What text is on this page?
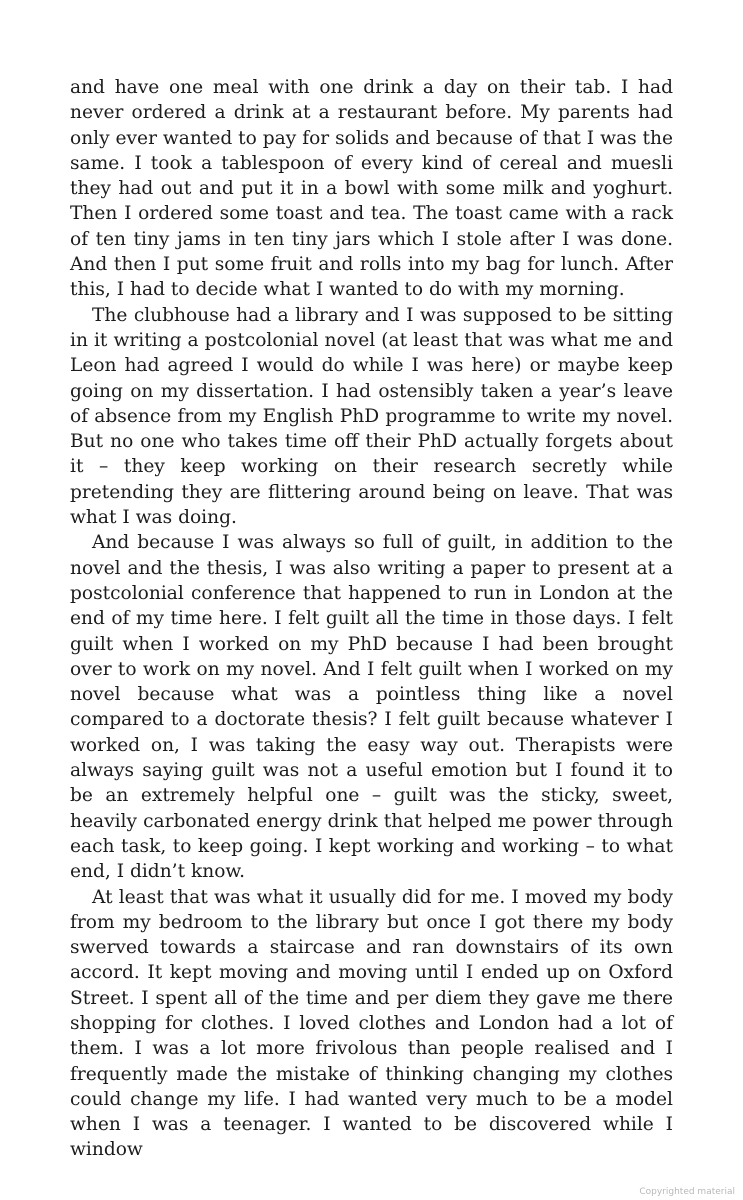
and have one meal with one drink a day on their tab. I had never ordered a drink at a restaurant before. My parents had only ever wanted to pay for solids and because of that I was the same. I took a tablespoon of every kind of cereal and muesli they had out and put it in a bowl with some milk and yoghurt. Then I ordered some toast and tea. The toast came with a rack of ten tiny jams in ten tiny jars which I stole after I was done. And then I put some fruit and rolls into my bag for lunch. After this, I had to decide what I wanted to do with my morning.

The clubhouse had a library and I was supposed to be sitting in it writing a postcolonial novel (at least that was what me and Leon had agreed I would do while I was here) or maybe keep going on my dissertation. I had ostensibly taken a year’s leave of absence from my English PhD programme to write my novel. But no one who takes time off their PhD actually forgets about it – they keep working on their research secretly while pretending they are flittering around being on leave. That was what I was doing.

And because I was always so full of guilt, in addition to the novel and the thesis, I was also writing a paper to present at a postcolonial conference that happened to run in London at the end of my time here. I felt guilt all the time in those days. I felt guilt when I worked on my PhD because I had been brought over to work on my novel. And I felt guilt when I worked on my novel because what was a pointless thing like a novel compared to a doctorate thesis? I felt guilt because whatever I worked on, I was taking the easy way out. Therapists were always saying guilt was not a useful emotion but I found it to be an extremely helpful one – guilt was the sticky, sweet, heavily carbonated energy drink that helped me power through each task, to keep going. I kept working and working – to what end, I didn’t know.

At least that was what it usually did for me. I moved my body from my bedroom to the library but once I got there my body swerved towards a staircase and ran downstairs of its own accord. It kept moving and moving until I ended up on Oxford Street. I spent all of the time and per diem they gave me there shopping for clothes. I loved clothes and London had a lot of them. I was a lot more frivolous than people realised and I frequently made the mistake of thinking changing my clothes could change my life. I had wanted very much to be a model when I was a teenager. I wanted to be discovered while I window

Copyrighted material
